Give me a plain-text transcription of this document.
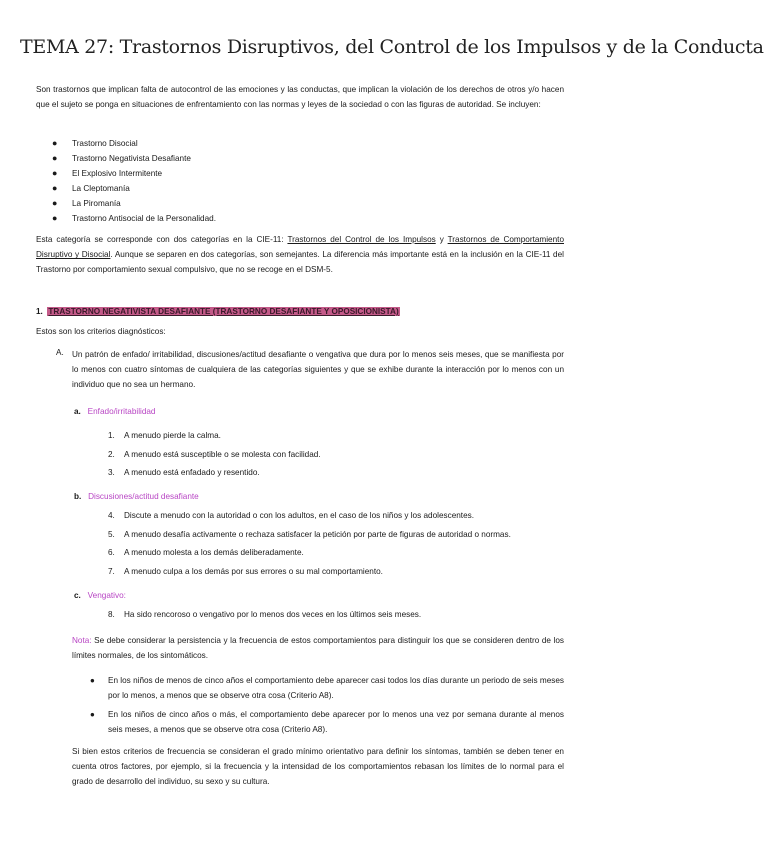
TEMA 27: Trastornos Disruptivos, del Control de los Impulsos y de la Conducta
Son trastornos que implican falta de autocontrol de las emociones y las conductas, que implican la violación de los derechos de otros y/o hacen que el sujeto se ponga en situaciones de enfrentamiento con las normas y leyes de la sociedad o con las figuras de autoridad. Se incluyen:
● Trastorno Disocial
● Trastorno Negativista Desafiante
● El Explosivo Intermitente
● La Cleptomanía
● La Piromanía
● Trastorno Antisocial de la Personalidad.
Esta categoría se corresponde con dos categorías en la CIE-11: Trastornos del Control de los Impulsos y Trastornos de Comportamiento Disruptivo y Disocial. Aunque se separen en dos categorías, son semejantes. La diferencia más importante está en la inclusión en la CIE-11 del Trastorno por comportamiento sexual compulsivo, que no se recoge en el DSM-5.
1. TRASTORNO NEGATIVISTA DESAFIANTE (TRASTORNO DESAFIANTE Y OPOSICIONISTA)
Estos son los criterios diagnósticos:
A. Un patrón de enfado/ irritabilidad, discusiones/actitud desafiante o vengativa que dura por lo menos seis meses, que se manifiesta por lo menos con cuatro síntomas de cualquiera de las categorías siguientes y que se exhibe durante la interacción por lo menos con un individuo que no sea un hermano.
a. Enfado/irritabilidad
1. A menudo pierde la calma.
2. A menudo está susceptible o se molesta con facilidad.
3. A menudo está enfadado y resentido.
b. Discusiones/actitud desafiante
4. Discute a menudo con la autoridad o con los adultos, en el caso de los niños y los adolescentes.
5. A menudo desafía activamente o rechaza satisfacer la petición por parte de figuras de autoridad o normas.
6. A menudo molesta a los demás deliberadamente.
7. A menudo culpa a los demás por sus errores o su mal comportamiento.
c. Vengativo:
8. Ha sido rencoroso o vengativo por lo menos dos veces en los últimos seis meses.
Nota: Se debe considerar la persistencia y la frecuencia de estos comportamientos para distinguir los que se consideren dentro de los límites normales, de los sintomáticos.
●	En los niños de menos de cinco años el comportamiento debe aparecer casi todos los días durante un periodo de seis meses por lo menos, a menos que se observe otra cosa (Criterio A8).
●	En los niños de cinco años o más, el comportamiento debe aparecer por lo menos una vez por semana durante al menos seis meses, a menos que se observe otra cosa (Criterio A8).
Si bien estos criterios de frecuencia se consideran el grado mínimo orientativo para definir los síntomas, también se deben tener en cuenta otros factores, por ejemplo, si la frecuencia y la intensidad de los comportamientos rebasan los límites de lo normal para el grado de desarrollo del individuo, su sexo y su cultura.
